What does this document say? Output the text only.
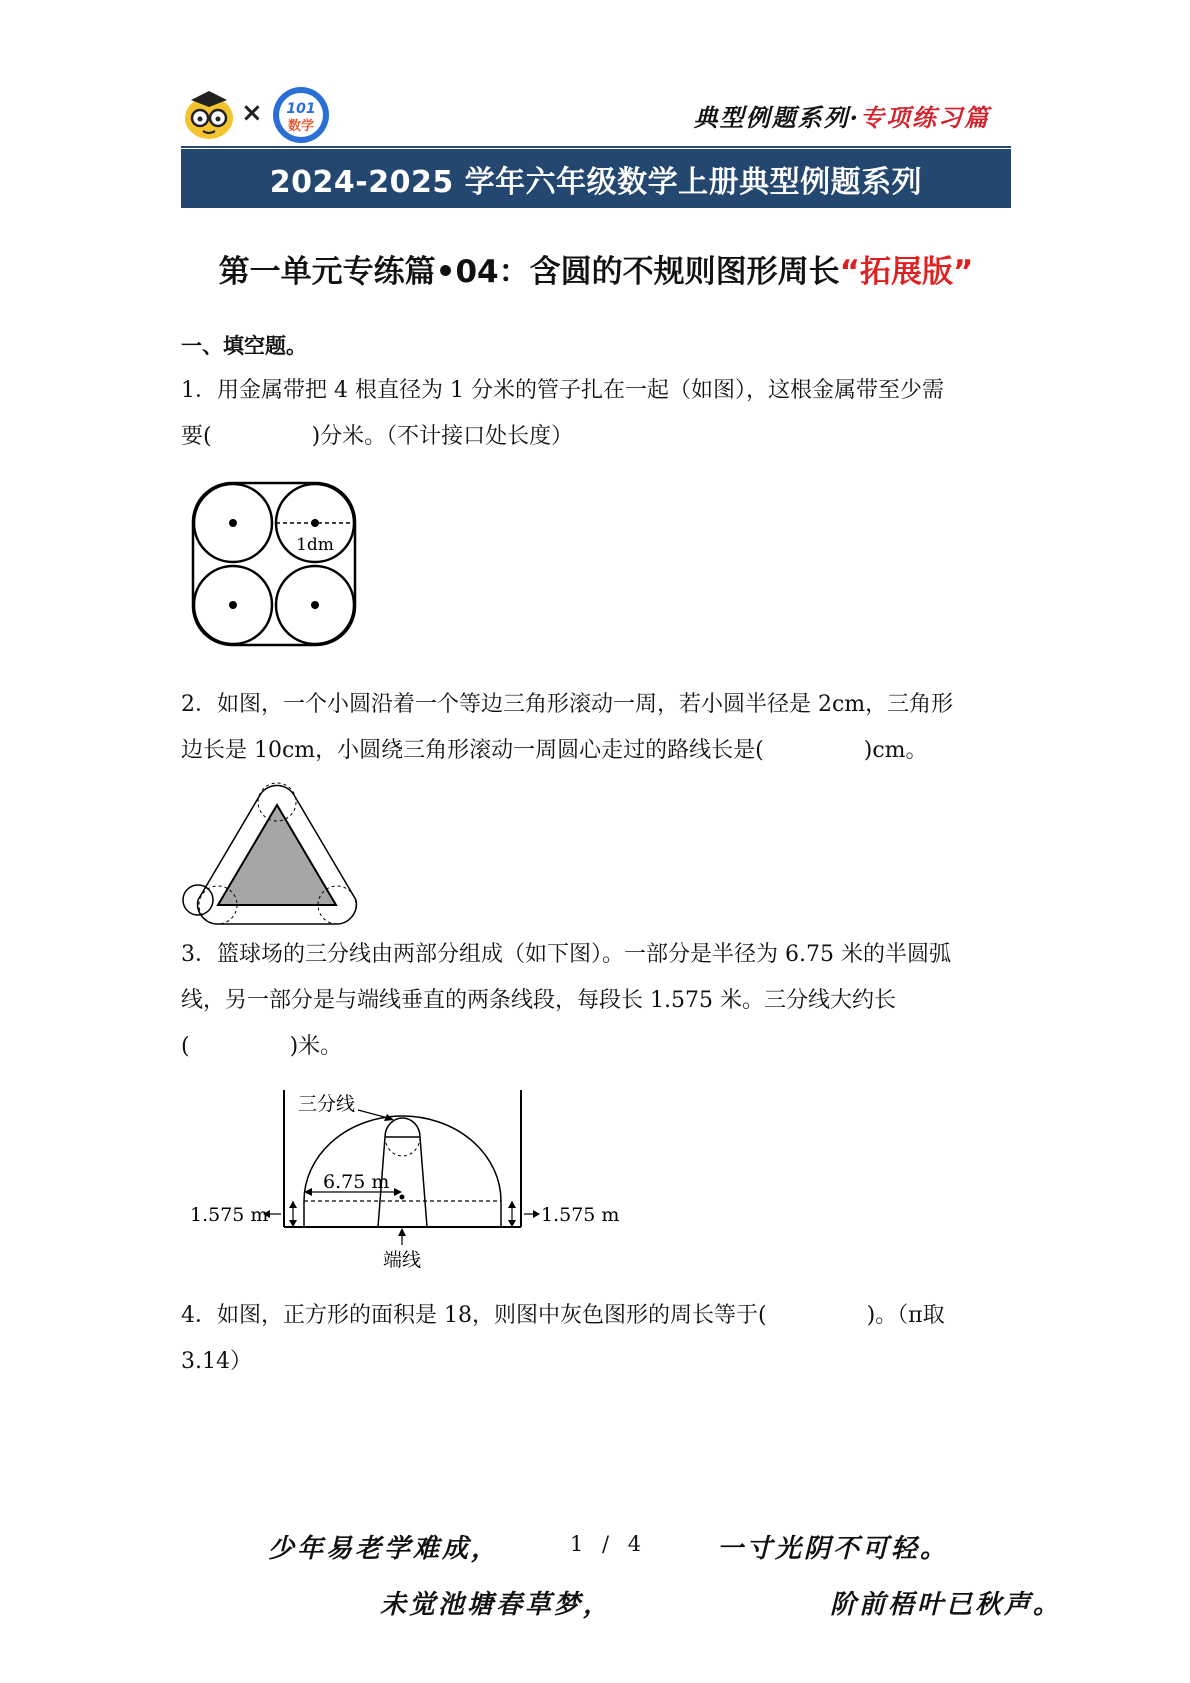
× 101
数学	典型例题系列·专项练习篇
2024-2025 学年六年级数学上册典型例题系列
第一单元专练篇•04：含圆的不规则图形周长“拓展版”
一、填空题。
1．用金属带把 4 根直径为 1 分米的管子扎在一起（如图），这根金属带至少需
要(	)分米。（不计接口处长度）
1dm
2．如图，一个小圆沿着一个等边三角形滚动一周，若小圆半径是 2cm，三角形
边长是 10cm，小圆绕三角形滚动一周圆心走过的路线长是(	)cm。
3．篮球场的三分线由两部分组成（如下图）。一部分是半径为 6.75 米的半圆弧
线，另一部分是与端线垂直的两条线段，每段长 1.575 米。三分线大约长
(	)米。
6.75 m
三分线
1.575 m	1.575 m
端线
4．如图，正方形的面积是 18，则图中灰色图形的周长等于(	)。（π取
3.14）
少年易老学难成，	1 / 4	一寸光阴不可轻。
未觉池塘春草梦，	阶前梧叶已秋声。
